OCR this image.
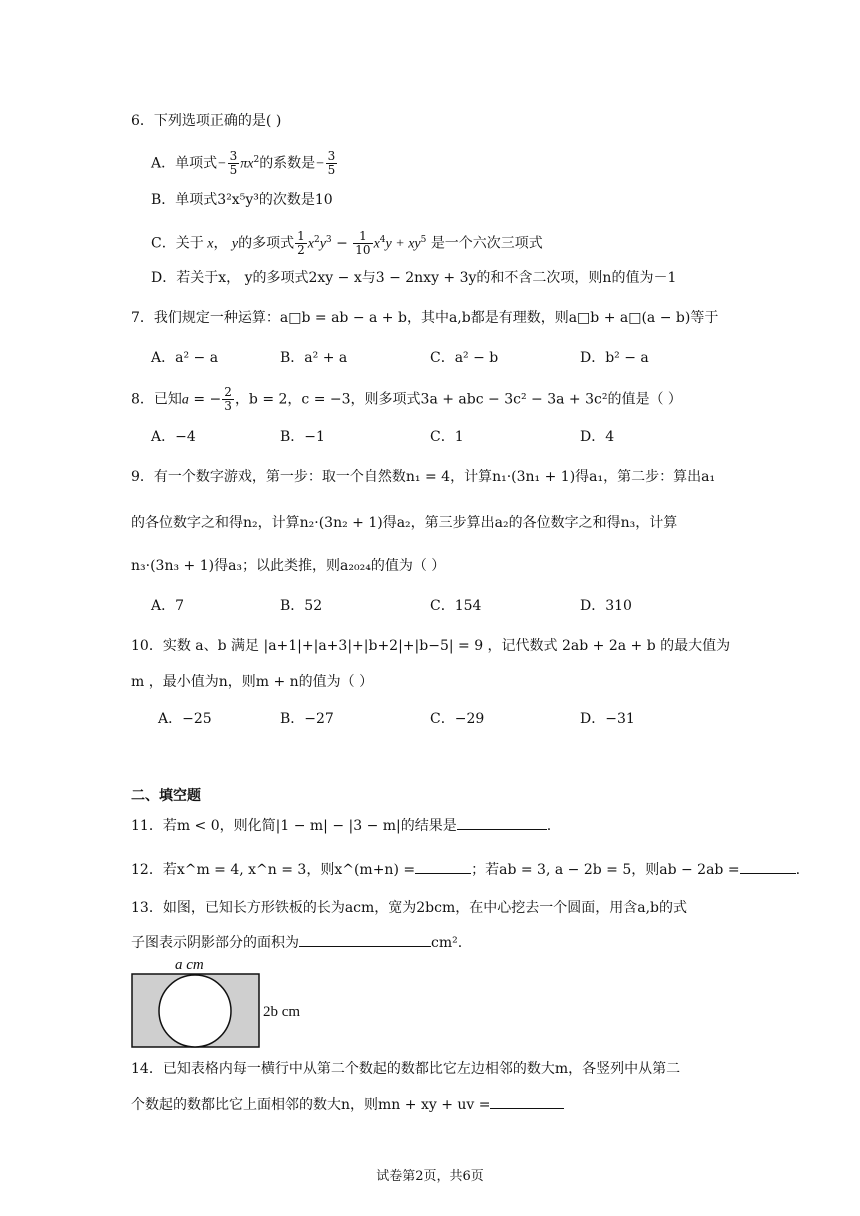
6．下列选项正确的是( )
A．单项式− $\frac{3}{5} \pi x^2$的系数是− $\frac{3}{5}$
B．单项式3²x⁵y³的次数是10
C．关于 x， y的多项式 $\frac{1}{2} x^2y^3 - \frac{1}{10} x^4y + xy^5$ 是一个六次三项式
D．若关于x， y的多项式2xy − x与3 − 2nxy + 3y的和不含二次项，则n的值为－1
7．我们规定一种运算：a□b = ab − a + b，其中a,b都是有理数，则a□b + a□(a − b)等于
A．a² − a	B．a² + a	C．a² − b	D．b² − a
8．已知a = − $\frac{2}{3}$ ，b = 2，c = −3，则多项式3a + abc − 3c² − 3a + 3c²的值是（ ）
A．−4	B．−1	C．1	D．4
9．有一个数字游戏，第一步：取一个自然数n₁ = 4，计算n₁·(3n₁ + 1)得a₁，第二步：算出a₁
的各位数字之和得n₂，计算n₂·(3n₂ + 1)得a₂，第三步算出a₂的各位数字之和得n₃，计算
n₃·(3n₃ + 1)得a₃；以此类推，则a₂₀₂₄的值为（ ）
A．7	B．52	C．154	D．310
10．实数 a、b 满足 |a+1|+|a+3|+|b+2|+|b−5| = 9 ，记代数式 2ab + 2a + b 的最大值为
m ，最小值为n，则m + n的值为（ ）
A．−25	B．−27	C．−29	D．−31
二、填空题
11．若m < 0，则化简|1 − m| − |3 − m|的结果是	.
12．若x^m = 4, x^n = 3，则x^(m+n) =	；若ab = 3, a − 2b = 5，则ab − 2ab =	.
13．如图，已知长方形铁板的长为acm，宽为2bcm，在中心挖去一个圆面，用含a,b的式
子图表示阴影部分的面积为	cm².
a cm
2b cm
14．已知表格内每一横行中从第二个数起的数都比它左边相邻的数大m，各竖列中从第二
个数起的数都比它上面相邻的数大n，则mn + xy + uv =
试卷第2页，共6页
